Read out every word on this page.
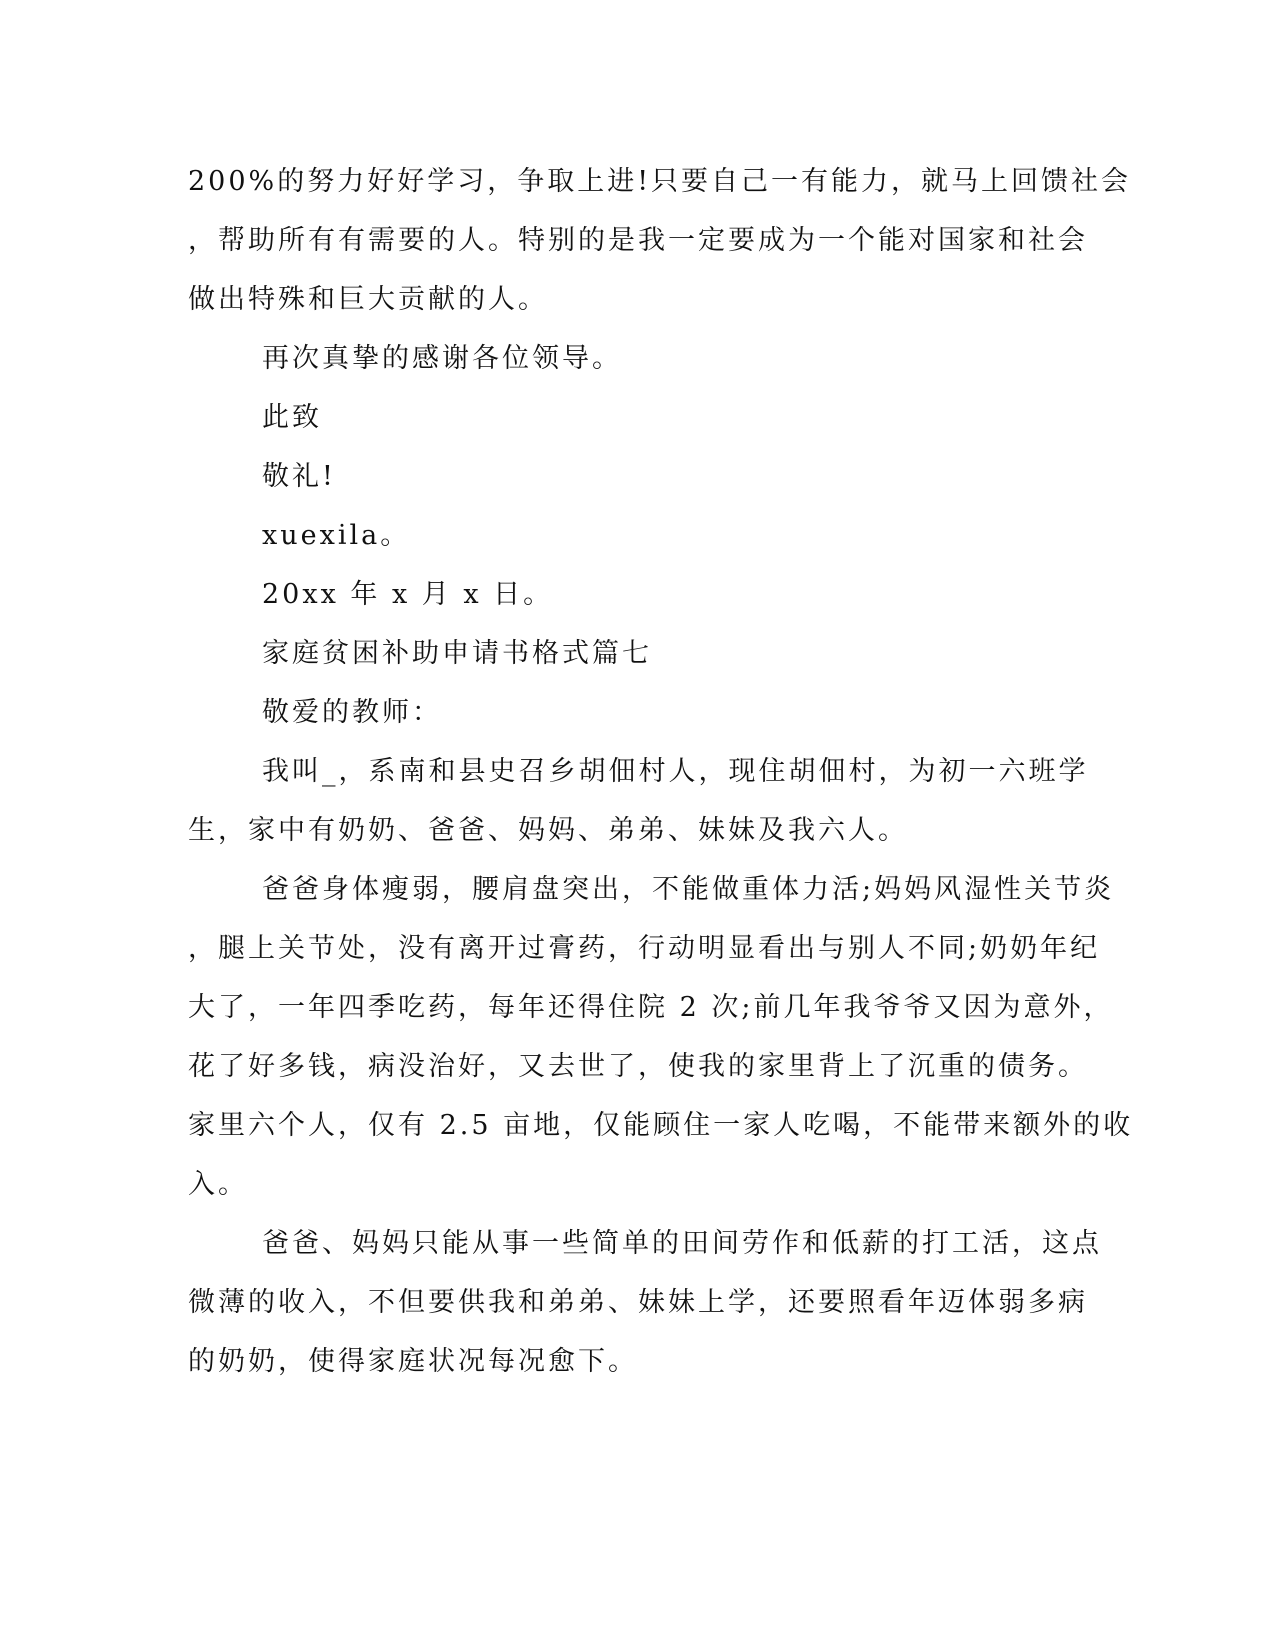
200%的努力好好学习，争取上进!只要自己一有能力，就马上回馈社会

，帮助所有有需要的人。特别的是我一定要成为一个能对国家和社会

做出特殊和巨大贡献的人。

再次真挚的感谢各位领导。

此致

敬礼!

xuexila。

20xx 年 x 月 x 日。

家庭贫困补助申请书格式篇七

敬爱的教师：

我叫_，系南和县史召乡胡佃村人，现住胡佃村，为初一六班学

生，家中有奶奶、爸爸、妈妈、弟弟、妹妹及我六人。

爸爸身体瘦弱，腰肩盘突出，不能做重体力活;妈妈风湿性关节炎

，腿上关节处，没有离开过膏药，行动明显看出与别人不同;奶奶年纪

大了，一年四季吃药，每年还得住院 2 次;前几年我爷爷又因为意外，

花了好多钱，病没治好，又去世了，使我的家里背上了沉重的债务。

家里六个人，仅有 2.5 亩地，仅能顾住一家人吃喝，不能带来额外的收

入。

爸爸、妈妈只能从事一些简单的田间劳作和低薪的打工活，这点

微薄的收入，不但要供我和弟弟、妹妹上学，还要照看年迈体弱多病

的奶奶，使得家庭状况每况愈下。
